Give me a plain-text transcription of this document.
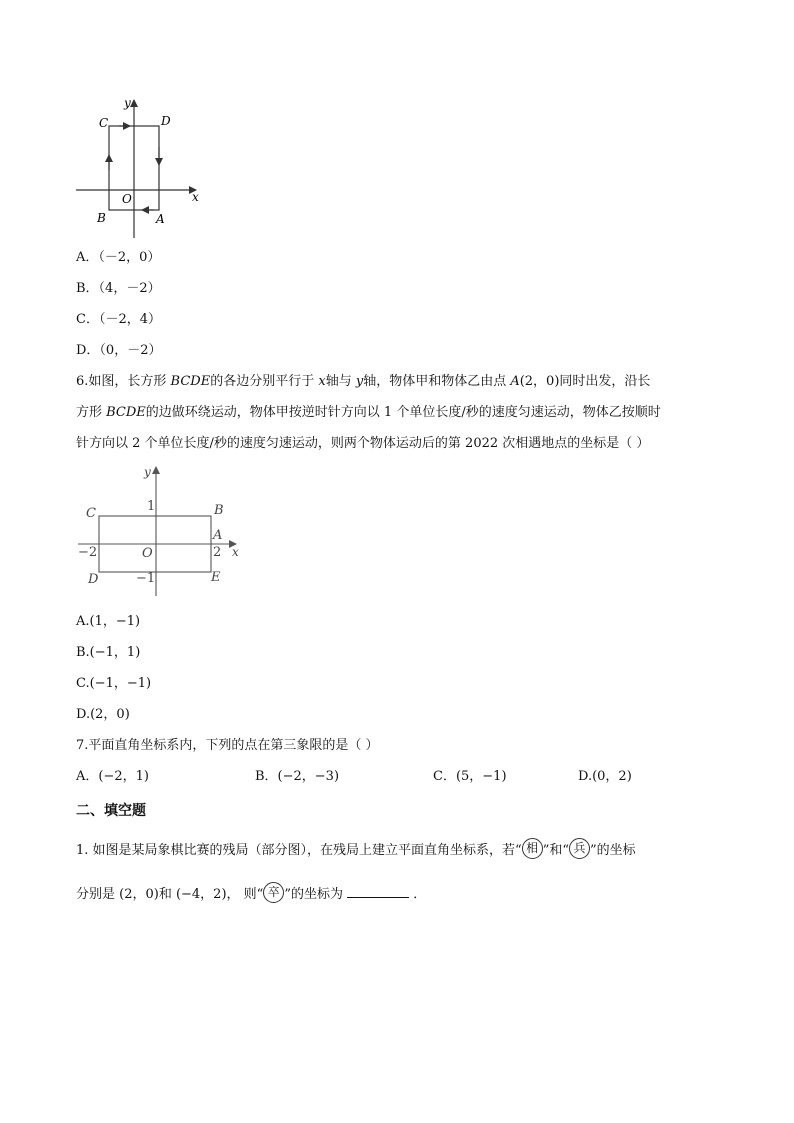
y
x
O
C	D
B	A
A．（－2，0）
B．（4，－2）
C．（－2，4）
D．（0，－2）
6.如图，长方形 BCDE的各边分别平行于 x轴与 y轴，物体甲和物体乙由点 A(2，0)同时出发，沿长
方形 BCDE的边做环绕运动，物体甲按逆时针方向以 1 个单位长度/秒的速度匀速运动，物体乙按顺时
针方向以 2 个单位长度/秒的速度匀速运动，则两个物体运动后的第 2022 次相遇地点的坐标是（ ）
y
x
C	B
A
D	E
O
1
−1
2
−2
A.(1，−1)
B.(−1，1)
C.(−1，−1)
D.(2，0)
7.平面直角坐标系内，下列的点在第三象限的是（ ）
A．(−2，1)	B．(−2，−3)	C．(5，−1)	D.(0，2)
二、填空题
1. 如图是某局象棋比赛的残局（部分图），在残局上建立平面直角坐标系，若“ 相 ”和“ 兵 ”的坐标
分别是 (2，0)和 (−4，2)， 则“ 卒 ”的坐标为	．
